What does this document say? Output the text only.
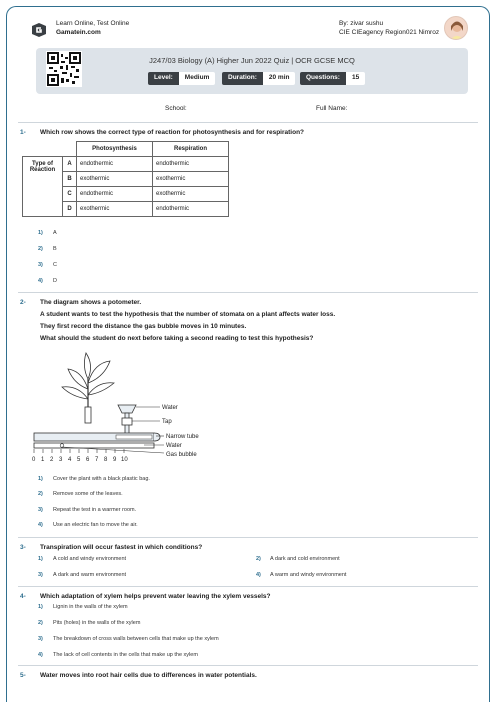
Learn Online, Test Online
Gamatein.com
By: zivar sushu
CIE CIEagency Region021 Nimroz
J247/03 Biology (A) Higher Jun 2022 Quiz | OCR GCSE MCQ
Level:	Medium	Duration:	20 min	Questions:	15
School:	Full Name:
1- Which row shows the correct type of reaction for photosynthesis and for respiration?
		Photosynthesis	Respiration
Type of Reaction	A	endothermic	endothermic
	B	exothermic	exothermic
	C	endothermic	exothermic
	D	exothermic	endothermic
1) A
2) B
3) C
4) D
2- The diagram shows a potometer.
A student wants to test the hypothesis that the number of stomata on a plant affects water loss.
They first record the distance the gas bubble moves in 10 minutes.
What should the student do next before taking a second reading to test this hypothesis?
0 1 2 3 4 5 6 7 8 9 10
Water
Tap
Narrow tube
Water
Gas bubble
1) Cover the plant with a black plastic bag.
2) Remove some of the leaves.
3) Repeat the test in a warmer room.
4) Use an electric fan to move the air.
3- Transpiration will occur fastest in which conditions?
1) A cold and windy environment	2) A dark and cold environment
3) A dark and warm environment	4) A warm and windy environment
4- Which adaptation of xylem helps prevent water leaving the xylem vessels?
1) Lignin in the walls of the xylem
2) Pits (holes) in the walls of the xylem
3) The breakdown of cross walls between cells that make up the xylem
4) The lack of cell contents in the cells that make up the xylem
5- Water moves into root hair cells due to differences in water potentials.
